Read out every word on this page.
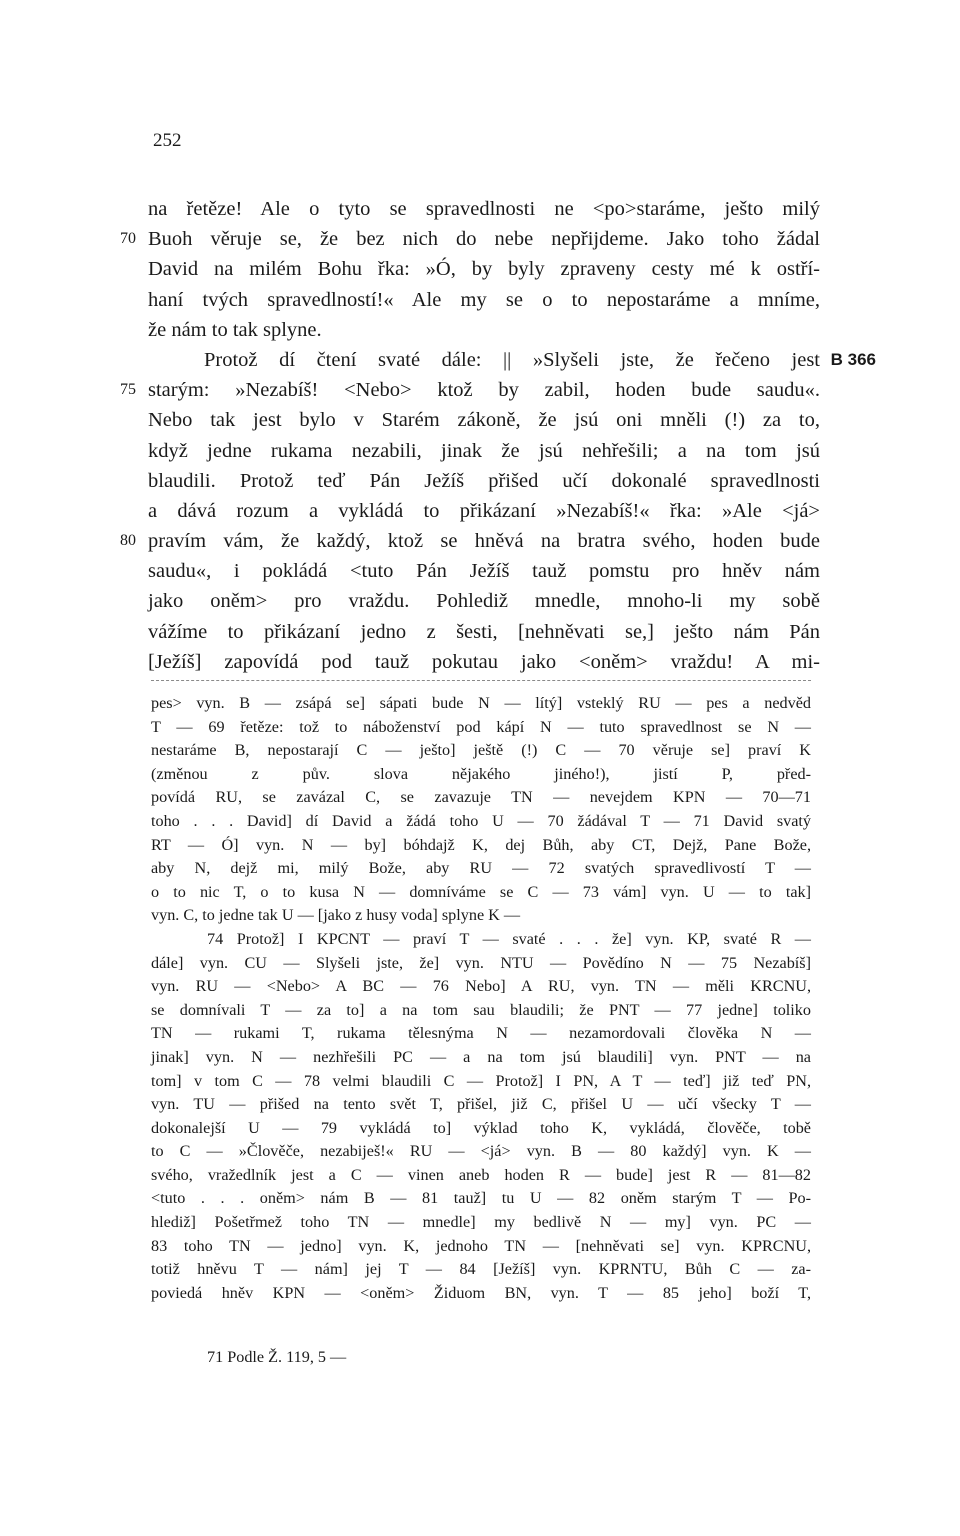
252
na řetěze! Ale o tyto se spravedlnosti ne <po>staráme, ješto milý
70 Buoh věruje se, že bez nich do nebe nepřijdeme. Jako toho žádal
David na milém Bohu řka: »Ó, by byly zpraveny cesty mé k ostří-
haní tvých spravedlností!« Ale my se o to nepostaráme a mníme,
že nám to tak splyne.
Protož dí čtení svaté dále: || »Slyšeli jste, že řečeno jest B 366
75 starým: »Nezabíš! <Nebo> ktož by zabil, hoden bude saudu«.
Nebo tak jest bylo v Starém zákoně, že jsú oni mněli (!) za to,
když jedne rukama nezabili, jinak že jsú nehřešili; a na tom jsú
blaudili. Protož teď Pán Ježíš přišed učí dokonalé spravedlnosti
a dává rozum a vykládá to přikázaní »Nezabíš!« řka: »Ale <já>
80 pravím vám, že každý, ktož se hněvá na bratra svého, hoden bude
saudu«, i pokládá <tuto Pán Ježíš tauž pomstu pro hněv nám
jako oněm> pro vraždu. Pohlediž mnedle, mnoho-li my sobě
vážíme to přikázaní jedno z šesti, [nehněvati se,] ješto nám Pán
[Ježíš] zapovídá pod tauž pokutau jako <oněm> vraždu! A mi-
pes> vyn. B — zsápá se] sápati bude N — lítý] vsteklý RU — pes a nedvěd
T — 69 řetěze: tož to náboženství pod kápí N — tuto spravedlnost se N —
nestaráme B, nepostarají C — ješto] ještě (!) C — 70 věruje se] praví K
(změnou z pův. slova nějakého jiného!), jistí P, před-
povídá RU, se zavázal C, se zavazuje TN — nevejdem KPN — 70—71
toho . . . David] dí David a žádá toho U — 70 žádával T — 71 David svatý
RT — Ó] vyn. N — by] bóhdajž K, dej Bůh, aby CT, Dejž, Pane Bože,
aby N, dejž mi, milý Bože, aby RU — 72 svatých spravedlivostí T —
o to nic T, o to kusa N — domníváme se C — 73 vám] vyn. U — to tak]
vyn. C, to jedne tak U — [jako z husy voda] splyne K —
74 Protož] I KPCNT — praví T — svaté . . . že] vyn. KP, svaté R —
dále] vyn. CU — Slyšeli jste, že] vyn. NTU — Povědíno N — 75 Nezabíš]
vyn. RU — <Nebo> A BC — 76 Nebo] A RU, vyn. TN — měli KRCNU,
se domnívali T — za to] a na tom sau blaudili; že PNT — 77 jedne] toliko
TN — rukami T, rukama tělesnýma N — nezamordovali člověka N —
jinak] vyn. N — nezhřešili PC — a na tom jsú blaudili] vyn. PNT — na
tom] v tom C — 78 velmi blaudili C — Protož] I PN, A T — teď] již teď PN,
vyn. TU — přišed na tento svět T, přišel, již C, přišel U — učí všecky T —
dokonalejší U — 79 vykládá to] výklad toho K, vykládá, člověče, tobě
to C — »Člověče, nezabiješ!« RU — <já> vyn. B — 80 každý] vyn. K —
svého, vražedlník jest a C — vinen aneb hoden R — bude] jest R — 81—82
<tuto . . . oněm> nám B — 81 tauž] tu U — 82 oněm starým T — Po-
hlediž] Pošetřmež toho TN — mnedle] my bedlivě N — my] vyn. PC —
83 toho TN — jedno] vyn. K, jednoho TN — [nehněvati se] vyn. KPRCNU,
totiž hněvu T — nám] jej T — 84 [Ježíš] vyn. KPRNTU, Bůh C — za-
poviedá hněv KPN — <oněm> Židuom BN, vyn. T — 85 jeho] boží T,
71 Podle Ž. 119, 5 —
